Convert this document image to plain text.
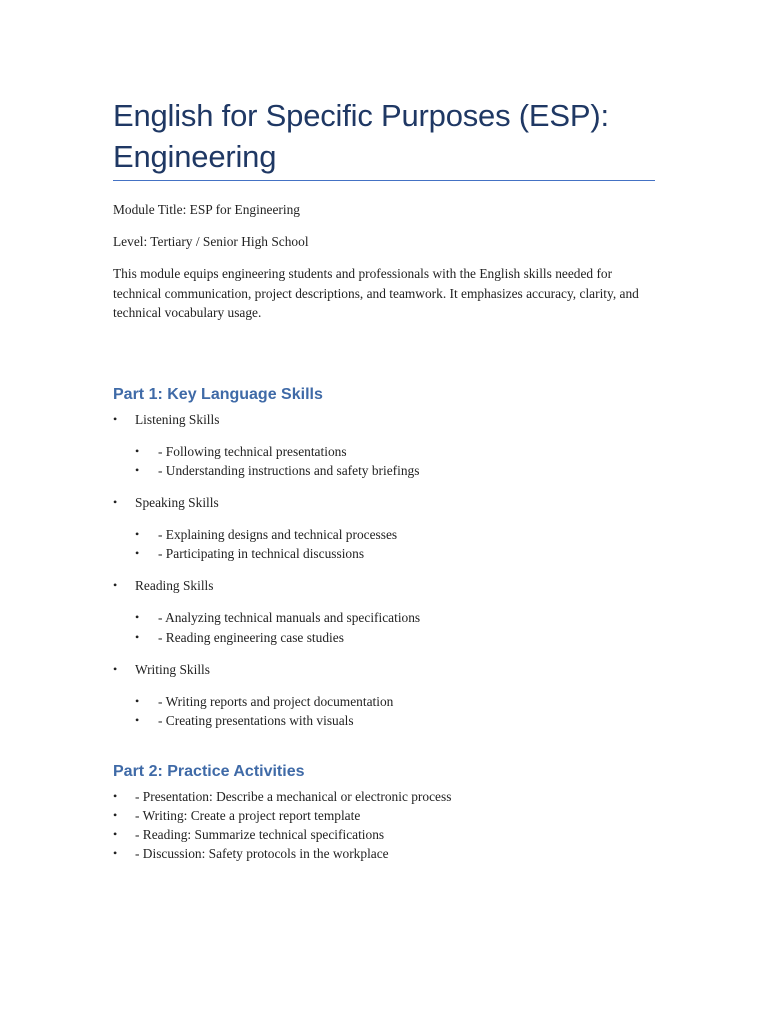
English for Specific Purposes (ESP): Engineering

Module Title: ESP for Engineering

Level: Tertiary / Senior High School

This module equips engineering students and professionals with the English skills needed for technical communication, project descriptions, and teamwork. It emphasizes accuracy, clarity, and technical vocabulary usage.

Part 1: Key Language Skills
• Listening Skills
• - Following technical presentations
• - Understanding instructions and safety briefings
• Speaking Skills
• - Explaining designs and technical processes
• - Participating in technical discussions
• Reading Skills
• - Analyzing technical manuals and specifications
• - Reading engineering case studies
• Writing Skills
• - Writing reports and project documentation
• - Creating presentations with visuals
Part 2: Practice Activities
• - Presentation: Describe a mechanical or electronic process
• - Writing: Create a project report template
• - Reading: Summarize technical specifications
• - Discussion: Safety protocols in the workplace
